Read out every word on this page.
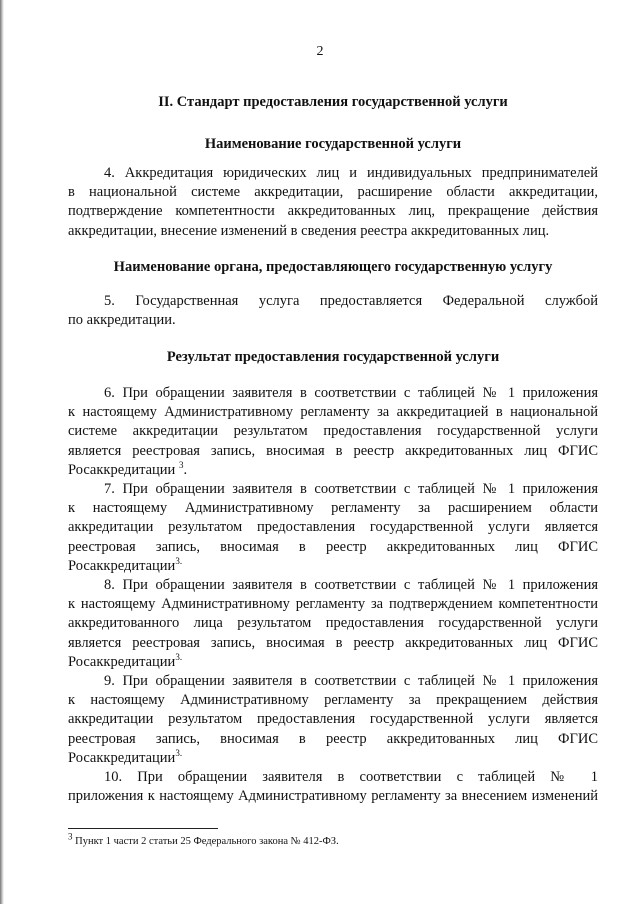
2
II. Стандарт предоставления государственной услуги
Наименование государственной услуги
4. Аккредитация юридических лиц и индивидуальных предпринимателей
в национальной системе аккредитации, расширение области аккредитации,
подтверждение компетентности аккредитованных лиц, прекращение действия
аккредитации, внесение изменений в сведения реестра аккредитованных лиц.
Наименование органа, предоставляющего государственную услугу
5. Государственная услуга предоставляется Федеральной службой
по аккредитации.
Результат предоставления государственной услуги
6. При обращении заявителя в соответствии с таблицей № 1 приложения
к настоящему Административному регламенту за аккредитацией в национальной
системе аккредитации результатом предоставления государственной услуги
является реестровая запись, вносимая в реестр аккредитованных лиц ФГИС
Росаккредитации $^3$.
7. При обращении заявителя в соответствии с таблицей № 1 приложения
к настоящему Административному регламенту за расширением области
аккредитации результатом предоставления государственной услуги является
реестровая запись, вносимая в реестр аккредитованных лиц ФГИС
Росаккредитации$^{3.}$
8. При обращении заявителя в соответствии с таблицей № 1 приложения
к настоящему Административному регламенту за подтверждением компетентности
аккредитованного лица результатом предоставления государственной услуги
является реестровая запись, вносимая в реестр аккредитованных лиц ФГИС
Росаккредитации$^{3.}$
9. При обращении заявителя в соответствии с таблицей № 1 приложения
к настоящему Административному регламенту за прекращением действия
аккредитации результатом предоставления государственной услуги является
реестровая запись, вносимая в реестр аккредитованных лиц ФГИС
Росаккредитации$^{3.}$
10. При обращении заявителя в соответствии с таблицей № 1
приложения к настоящему Административному регламенту за внесением изменений
$^3$ Пункт 1 части 2 статьи 25 Федерального закона № 412-ФЗ.
